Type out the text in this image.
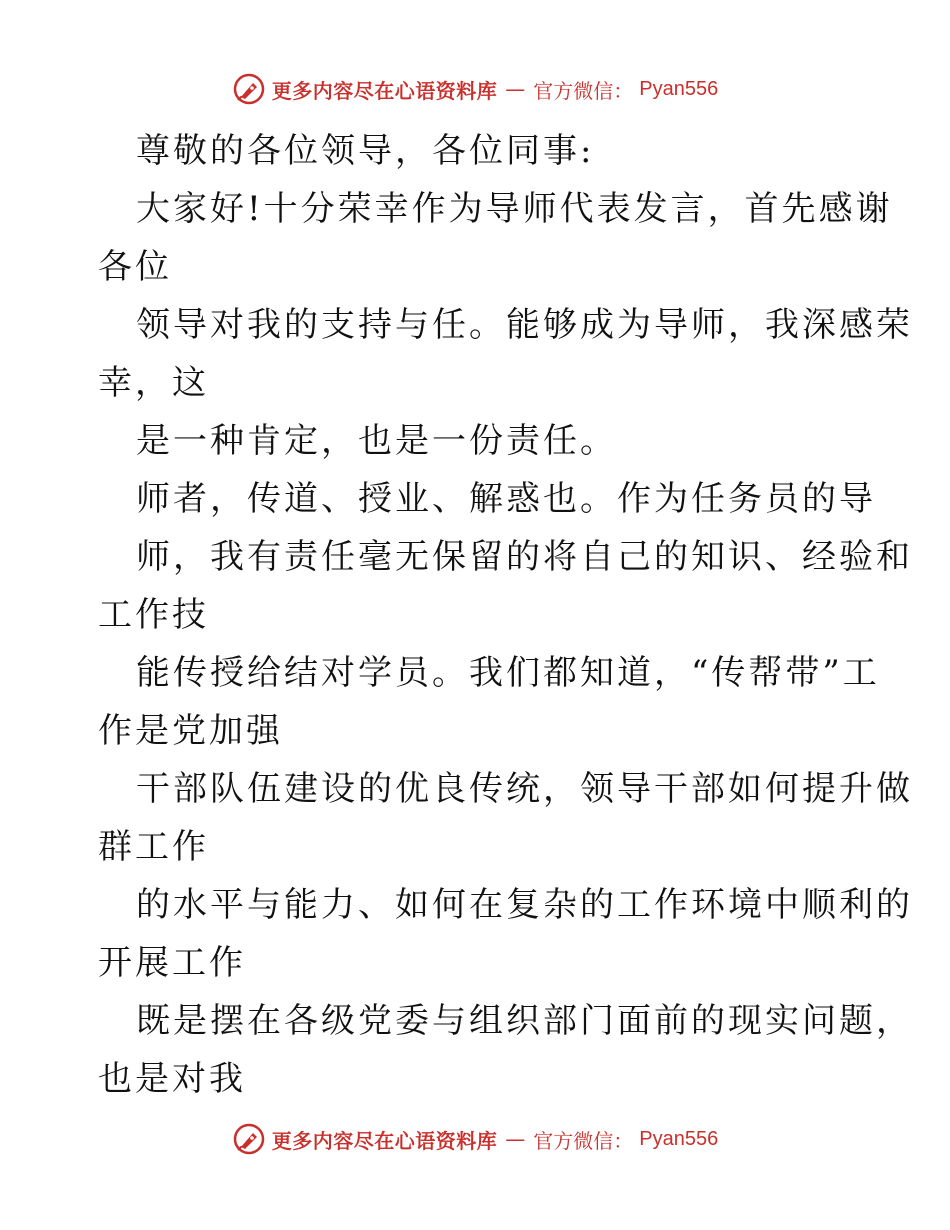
更多内容尽在心语资料库 — 官方微信： Pyan556
尊敬的各位领导，各位同事:
大家好!十分荣幸作为导师代表发言，首先感谢
各位
领导对我的支持与任。能够成为导师，我深感荣
幸，这
是一种肯定，也是一份责任。
师者，传道、授业、解惑也。作为任务员的导
师，我有责任毫无保留的将自己的知识、经验和
工作技
能传授给结对学员。我们都知道，“传帮带”工
作是党加强
干部队伍建设的优良传统，领导干部如何提升做
群工作
的水平与能力、如何在复杂的工作环境中顺利的
开展工作
既是摆在各级党委与组织部门面前的现实问题，
也是对我
更多内容尽在心语资料库 — 官方微信： Pyan556
